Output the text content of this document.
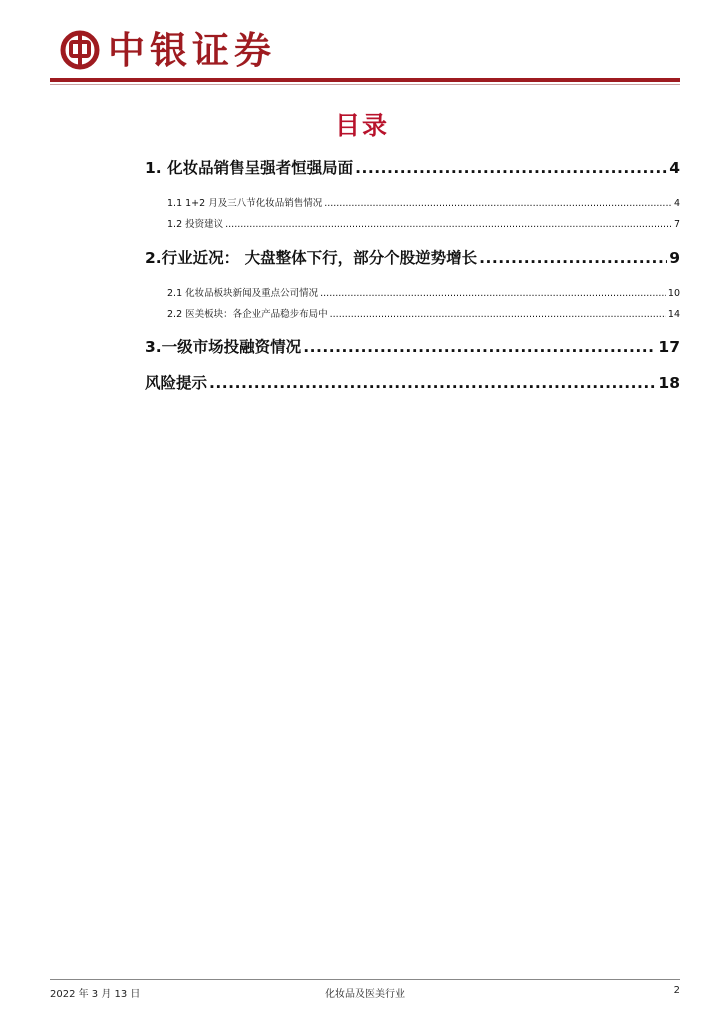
中银证券
目录
1. 化妆品销售呈强者恒强局面 .....	4
1.1 1+2 月及三八节化妆品销售情况 .....	4
1.2 投资建议 .....	7
2.行业近况： 大盘整体下行，部分个股逆势增长 .....	9
2.1 化妆品板块新闻及重点公司情况 .....	10
2.2 医美板块：各企业产品稳步布局中 .....	14
3.一级市场投融资情况 .....	17
风险提示 .....	18
2022 年 3 月 13 日	化妆品及医美行业	2
